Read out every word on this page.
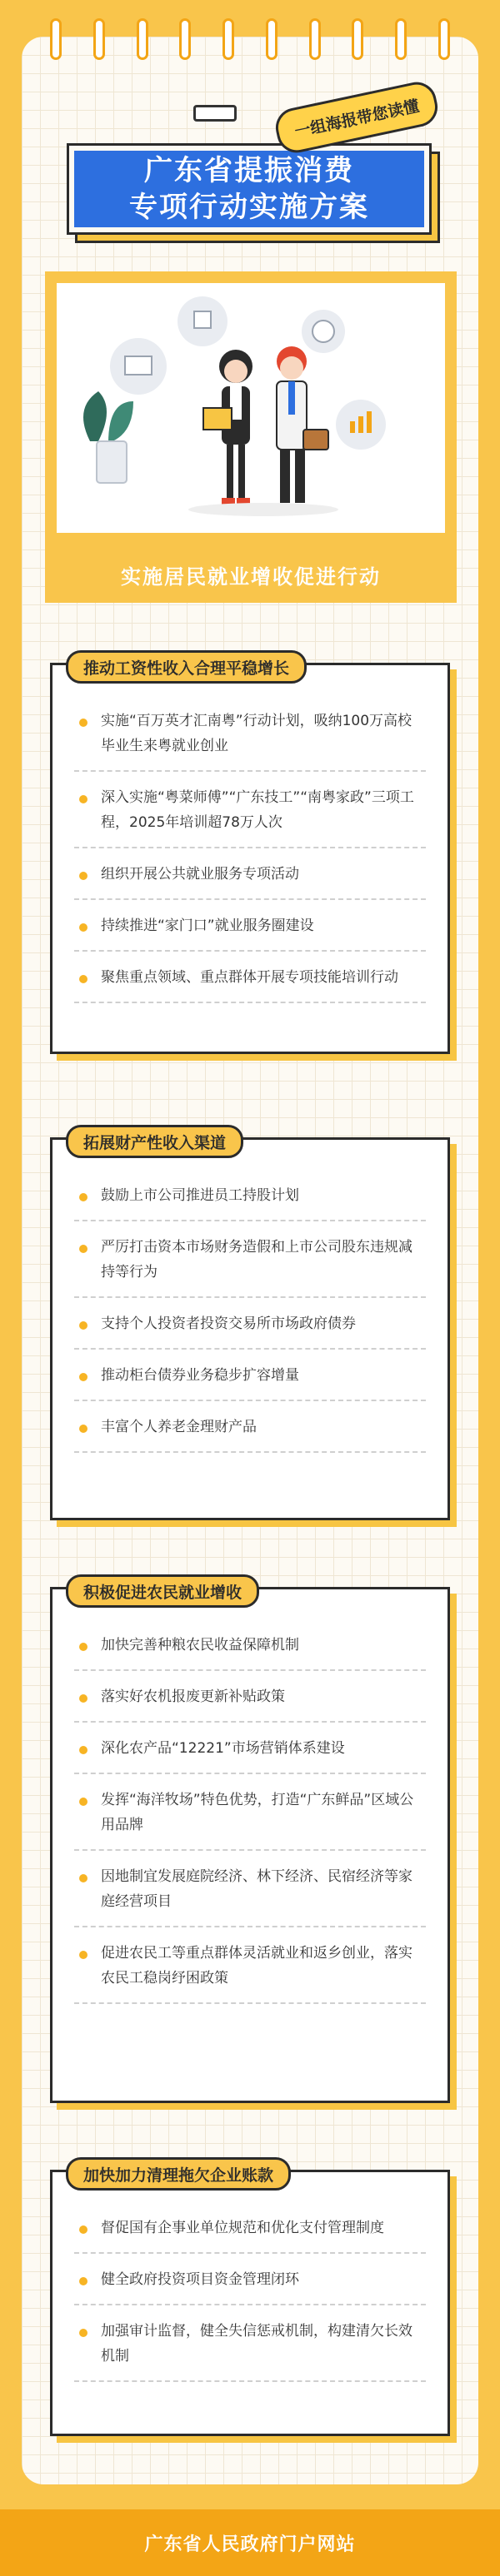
广东省提振消费
专项行动实施方案
一组海报带您读懂
实施居民就业增收促进行动
推动工资性收入合理平稳增长
实施“百万英才汇南粤”行动计划，吸纳100万高校毕业生来粤就业创业
深入实施“粤菜师傅”“广东技工”“南粤家政”三项工程，2025年培训超78万人次
组织开展公共就业服务专项活动
持续推进“家门口”就业服务圈建设
聚焦重点领域、重点群体开展专项技能培训行动
拓展财产性收入渠道
鼓励上市公司推进员工持股计划
严厉打击资本市场财务造假和上市公司股东违规减持等行为
支持个人投资者投资交易所市场政府债券
推动柜台债券业务稳步扩容增量
丰富个人养老金理财产品
积极促进农民就业增收
加快完善种粮农民收益保障机制
落实好农机报废更新补贴政策
深化农产品“12221”市场营销体系建设
发挥“海洋牧场”特色优势，打造“广东鲜品”区域公用品牌
因地制宜发展庭院经济、林下经济、民宿经济等家庭经营项目
促进农民工等重点群体灵活就业和返乡创业，落实农民工稳岗纾困政策
加快加力清理拖欠企业账款
督促国有企事业单位规范和优化支付管理制度
健全政府投资项目资金管理闭环
加强审计监督，健全失信惩戒机制，构建清欠长效机制
广东省人民政府门户网站
